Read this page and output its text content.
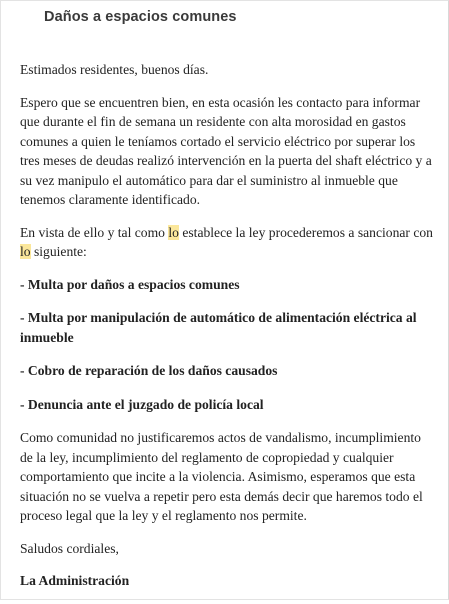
Daños a espacios comunes

Estimados residentes, buenos días.

Espero que se encuentren bien, en esta ocasión les contacto para informar que durante el fin de semana un residente con alta morosidad en gastos comunes a quien le teníamos cortado el servicio eléctrico por superar los tres meses de deudas realizó intervención en la puerta del shaft eléctrico y a su vez manipulo el automático para dar el suministro al inmueble que tenemos claramente identificado.

En vista de ello y tal como lo establece la ley procederemos a sancionar con lo siguiente:

- Multa por daños a espacios comunes

- Multa por manipulación de automático de alimentación eléctrica al inmueble

- Cobro de reparación de los daños causados

- Denuncia ante el juzgado de policía local

Como comunidad no justificaremos actos de vandalismo, incumplimiento de la ley, incumplimiento del reglamento de copropiedad y cualquier comportamiento que incite a la violencia. Asimismo, esperamos que esta situación no se vuelva a repetir pero esta demás decir que haremos todo el proceso legal que la ley y el reglamento nos permite.

Saludos cordiales,

La Administración
